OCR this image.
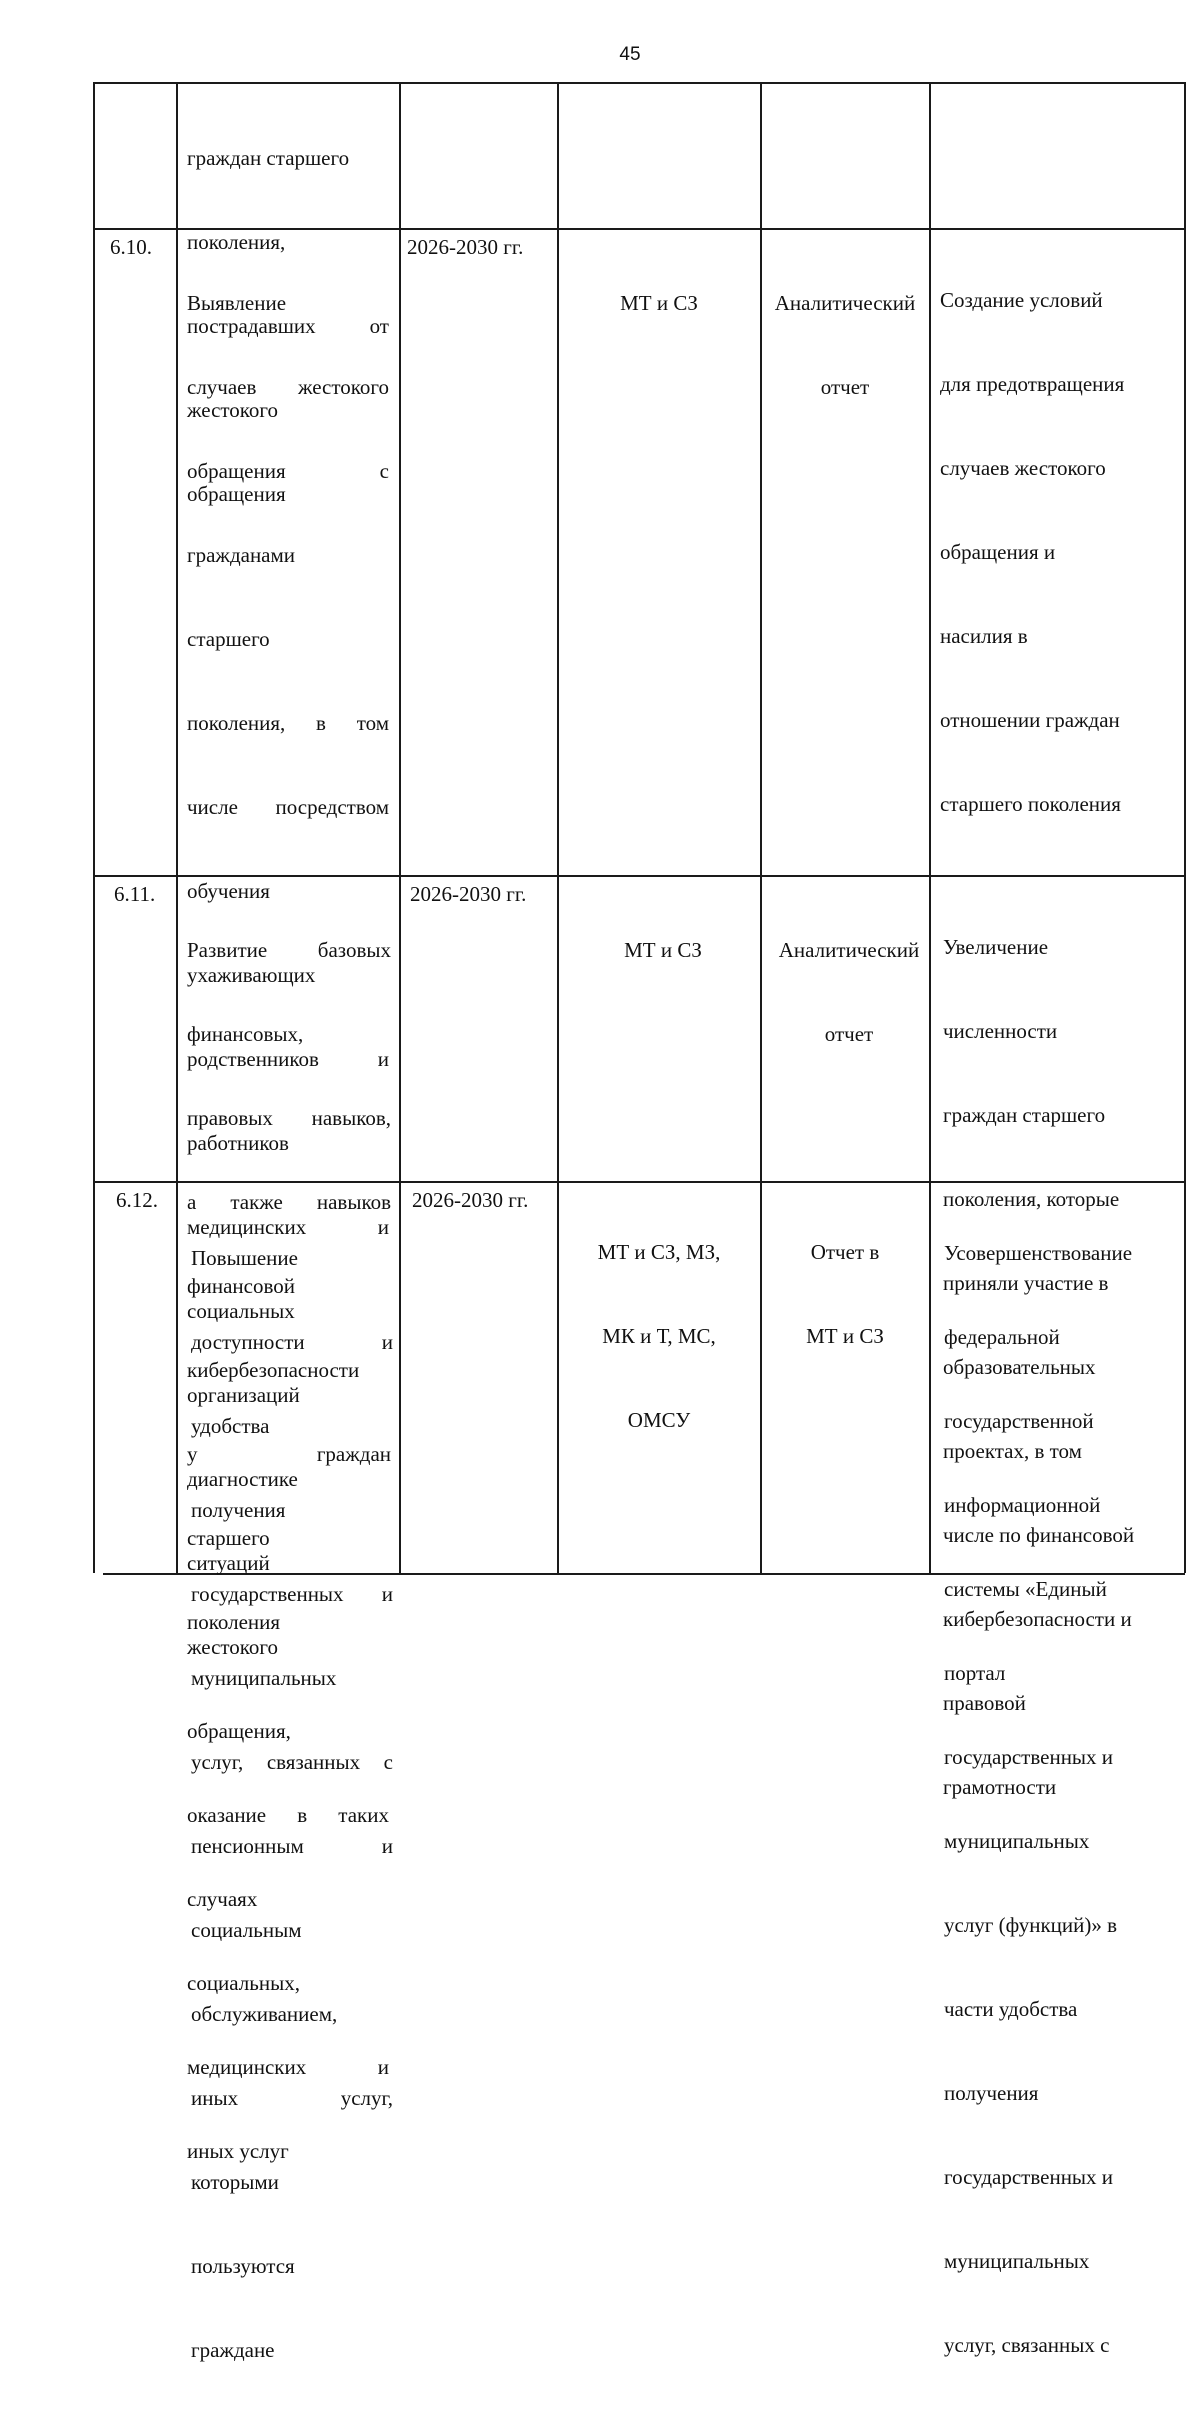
45

граждан старшего

поколения,

пострадавших от

жестокого

обращения

6.10.

Выявление

случаев жестокого

обращения с

гражданами

старшего

поколения, в том

числе посредством

обучения

ухаживающих

родственников и

работников

медицинских и

социальных

организаций

диагностике

ситуаций

жестокого

обращения,

оказание в таких

случаях

социальных,

медицинских и

иных услуг

2026-2030 гг.

МТ и СЗ

	Аналитический

отчет

Создание условий

для предотвращения

случаев жестокого

обращения и

насилия в

отношении граждан

старшего поколения

6.11.

Развитие базовых

финансовых,

правовых навыков,

а также навыков

финансовой

кибербезопасности

у граждан

старшего

поколения

2026-2030 гг.

МТ и СЗ

	Аналитический

отчет

Увеличение

численности

граждан старшего

поколения, которые

приняли участие в

образовательных

проектах, в том

числе по финансовой

кибербезопасности и

правовой

грамотности

6.12.

Повышение

доступности и

удобства

получения

государственных и

муниципальных

услуг, связанных с

пенсионным и

социальным

обслуживанием,

иных услуг,

которыми

пользуются

граждане

2026-2030 гг.

МТ и СЗ, МЗ,

МК и Т, МС,

ОМСУ

Отчет в

МТ и СЗ

Усовершенствование

федеральной

государственной

информационной

системы «Единый

портал

государственных и

муниципальных

услуг (функций)» в

части удобства

получения

государственных и

муниципальных

услуг, связанных с
